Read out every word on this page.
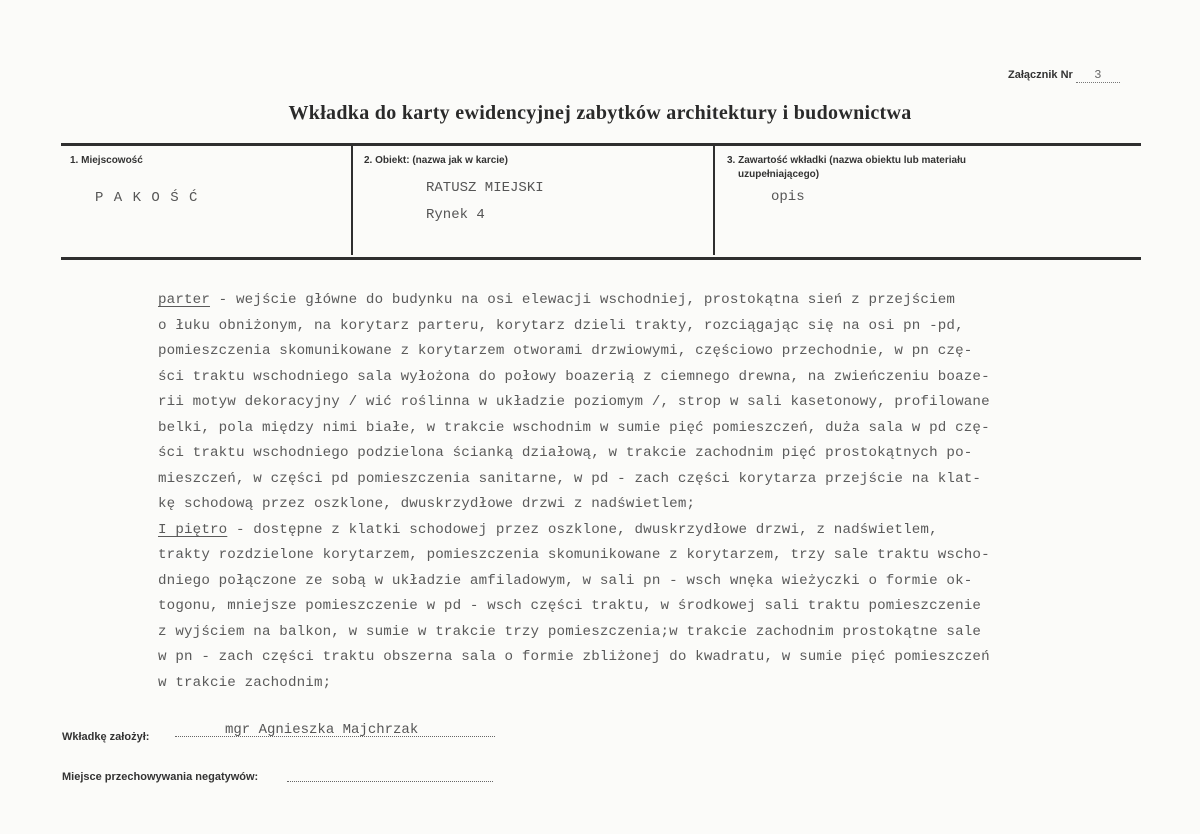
Załącznik Nr 3
Wkładka do karty ewidencyjnej zabytków architektury i budownictwa
1. Miejscowość
P A K O Ś Ć
2. Obiekt: (nazwa jak w karcie)
RATUSZ MIEJSKI
Rynek 4
3. Zawartość wkładki (nazwa obiektu lub materiału
uzupełniającego)
opis
parter - wejście główne do budynku na osi elewacji wschodniej, prostokątna sień z przejściem
o łuku obniżonym, na korytarz parteru, korytarz dzieli trakty, rozciągając się na osi pn -pd,
pomieszczenia skomunikowane z korytarzem otworami drzwiowymi, częściowo przechodnie, w pn czę-
ści traktu wschodniego sala wyłożona do połowy boazerią z ciemnego drewna, na zwieńczeniu boaze-
rii motyw dekoracyjny / wić roślinna w układzie poziomym /, strop w sali kasetonowy, profilowane
belki, pola między nimi białe, w trakcie wschodnim w sumie pięć pomieszczeń, duża sala w pd czę-
ści traktu wschodniego podzielona ścianką działową, w trakcie zachodnim pięć prostokątnych po-
mieszczeń, w części pd pomieszczenia sanitarne, w pd - zach części korytarza przejście na klat-
kę schodową przez oszklone, dwuskrzydłowe drzwi z nadświetlem;
I piętro - dostępne z klatki schodowej przez oszklone, dwuskrzydłowe drzwi, z nadświetlem,
trakty rozdzielone korytarzem, pomieszczenia skomunikowane z korytarzem, trzy sale traktu wscho-
dniego połączone ze sobą w układzie amfiladowym, w sali pn - wsch wnęka wieżyczki o formie ok-
togonu, mniejsze pomieszczenie w pd - wsch części traktu, w środkowej sali traktu pomieszczenie
z wyjściem na balkon, w sumie w trakcie trzy pomieszczenia;w trakcie zachodnim prostokątne sale
w pn - zach części traktu obszerna sala o formie zbliżonej do kwadratu, w sumie pięć pomieszczeń
w trakcie zachodnim;
Wkładkę założył:	mgr Agnieszka Majchrzak
Miejsce przechowywania negatywów:
